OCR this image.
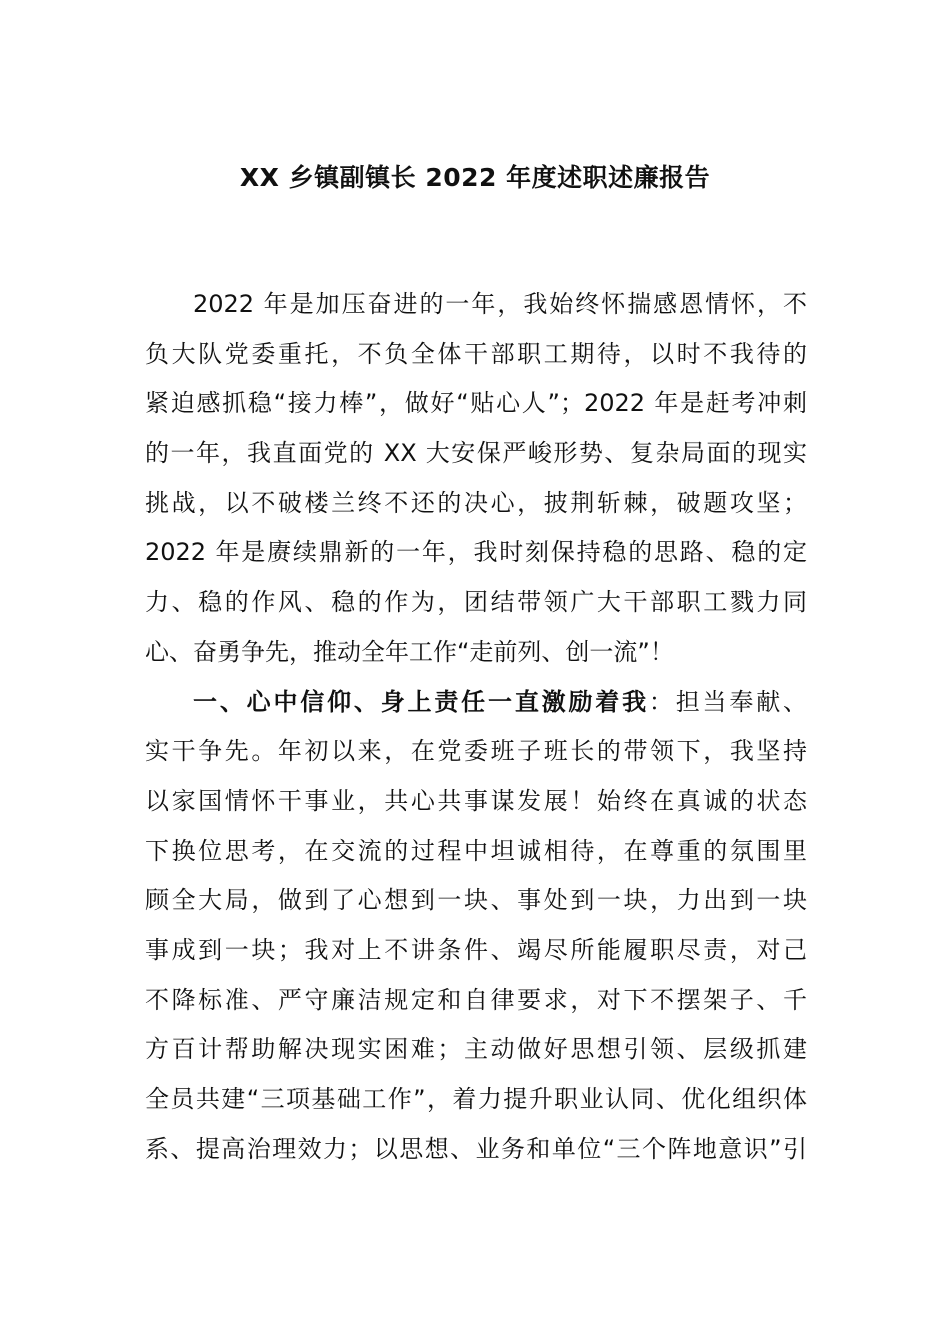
XX 乡镇副镇长 2022 年度述职述廉报告
2022 年是加压奋进的一年，我始终怀揣感恩情怀，不
负大队党委重托，不负全体干部职工期待，以时不我待的
紧迫感抓稳“接力棒”，做好“贴心人”；2022 年是赶考冲刺
的一年，我直面党的 XX 大安保严峻形势、复杂局面的现实
挑战，以不破楼兰终不还的决心，披荆斩棘，破题攻坚；
2022 年是赓续鼎新的一年，我时刻保持稳的思路、稳的定
力、稳的作风、稳的作为，团结带领广大干部职工戮力同
心、奋勇争先，推动全年工作“走前列、创一流”！
一、心中信仰、身上责任一直激励着我：担当奉献、
实干争先。年初以来，在党委班子班长的带领下，我坚持
以家国情怀干事业，共心共事谋发展！始终在真诚的状态
下换位思考，在交流的过程中坦诚相待，在尊重的氛围里
顾全大局，做到了心想到一块、事处到一块，力出到一块
事成到一块；我对上不讲条件、竭尽所能履职尽责，对己
不降标准、严守廉洁规定和自律要求，对下不摆架子、千
方百计帮助解决现实困难；主动做好思想引领、层级抓建
全员共建“三项基础工作”，着力提升职业认同、优化组织体
系、提高治理效力；以思想、业务和单位“三个阵地意识”引
